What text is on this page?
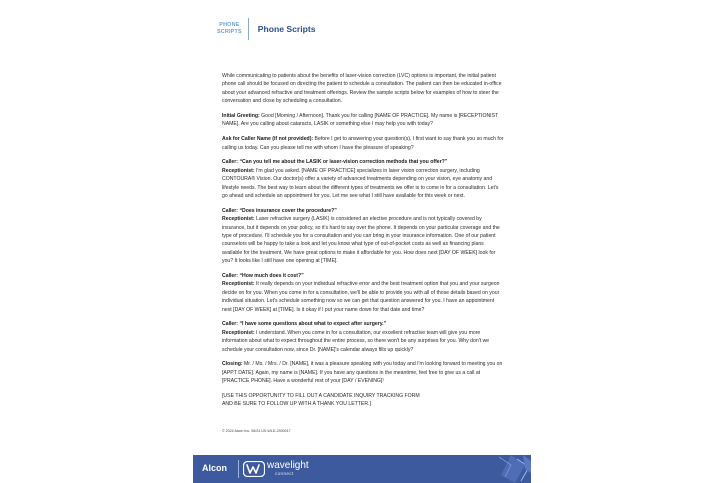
PHONE
SCRIPTS Phone Scripts

While communicating to patients about the benefits of laser-vision correction (LVC) options is important, the initial patient phone call should be focused on directing the patient to schedule a consultation. The patient can then be educated in-office about your advanced refractive and treatment offerings. Review the sample scripts below for examples of how to steer the conversation and close by scheduling a consultation.

Initial Greeting: Good [Morning / Afternoon]. Thank you for calling [NAME OF PRACTICE]. My name is [RECEPTIONIST NAME]. Are you calling about cataracts, LASIK or something else I may help you with today?

Ask for Caller Name (if not provided): Before I get to answering your question(s), I first want to say thank you so much for calling us today. Can you please tell me with whom I have the pleasure of speaking?

Caller: “Can you tell me about the LASIK or laser-vision correction methods that you offer?”
Receptionist: I'm glad you asked. [NAME OF PRACTICE] specializes in laser vision correction surgery, including CONTOURA® Vision. Our doctor(s) offer a variety of advanced treatments depending on your vision, eye anatomy and lifestyle needs. The best way to learn about the different types of treatments we offer is to come in for a consultation. Let's go ahead and schedule an appointment for you. Let me see what I still have available for this week or next.

Caller: “Does insurance cover the procedure?”
Receptionist: Laser refractive surgery (LASIK) is considered an elective procedure and is not typically covered by insurance, but it depends on your policy, so it's hard to say over the phone. It depends on your particular coverage and the type of procedure. I'll schedule you for a consultation and you can bring in your insurance information. One of our patient counselors will be happy to take a look and let you know what type of out-of-pocket costs as well as financing plans available for the treatment. We have great options to make it affordable for you. How does next [DAY OF WEEK] look for you? It looks like I still have one opening at [TIME].

Caller: “How much does it cost?”
Receptionist: It really depends on your individual refractive error and the best treatment option that you and your surgeon decide on for you. When you come in for a consultation, we'll be able to provide you with all of those details based on your individual situation. Let's schedule something now so we can get that question answered for you. I have an appointment next [DAY OF WEEK] at [TIME]. Is it okay if I put your name down for that date and time?

Caller: “I have some questions about what to expect after surgery.”
Receptionist: I understand. When you come in for a consultation, our excellent refractive team will give you more information about what to expect throughout the entire process, so there won't be any surprises for you. Why don't we schedule your consultation now, since Dr. [NAME]'s calendar always fills up quickly?

Closing: Mr. / Ms. / Mrs. / Dr. [NAME], it was a pleasure speaking with you today and I'm looking forward to meeting you on [APPT DATE]. Again, my name is [NAME]. If you have any questions in the meantime, feel free to give us a call at [PRACTICE PHONE]. Have a wonderful rest of your [DAY / EVENING]!

[USE THIS OPPORTUNITY TO FILL OUT A CANDIDATE INQUIRY TRACKING FORM
AND BE SURE TO FOLLOW UP WITH A THANK YOU LETTER.]

© 2024 Alcon Inc. 06/24 US-WLD-2400017
Alcon	wavelight
connect
